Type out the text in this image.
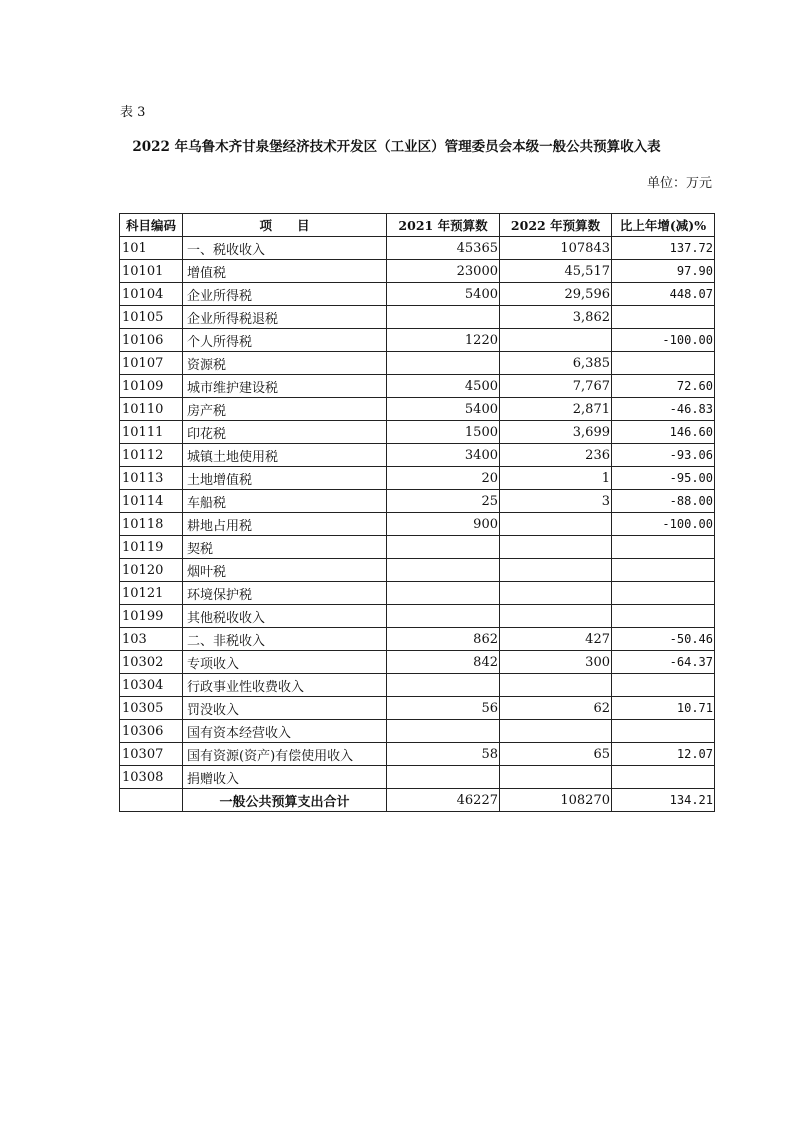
表 3
2022 年乌鲁木齐甘泉堡经济技术开发区（工业区）管理委员会本级一般公共预算收入表
单位：万元
科目编码	项　　目	2021 年预算数	2022 年预算数	比上年增(减)%
101	一、税收收入	45365	107843	137.72
10101	增值税	23000	45,517	97.90
10104	企业所得税	5400	29,596	448.07
10105	企业所得税退税		3,862	
10106	个人所得税	1220		-100.00
10107	资源税		6,385	
10109	城市维护建设税	4500	7,767	72.60
10110	房产税	5400	2,871	-46.83
10111	印花税	1500	3,699	146.60
10112	城镇土地使用税	3400	236	-93.06
10113	土地增值税	20	1	-95.00
10114	车船税	25	3	-88.00
10118	耕地占用税	900		-100.00
10119	契税			
10120	烟叶税			
10121	环境保护税			
10199	其他税收收入			
103	二、非税收入	862	427	-50.46
10302	专项收入	842	300	-64.37
10304	行政事业性收费收入			
10305	罚没收入	56	62	10.71
10306	国有资本经营收入			
10307	国有资源(资产)有偿使用收入	58	65	12.07
10308	捐赠收入			
	一般公共预算支出合计	46227	108270	134.21
